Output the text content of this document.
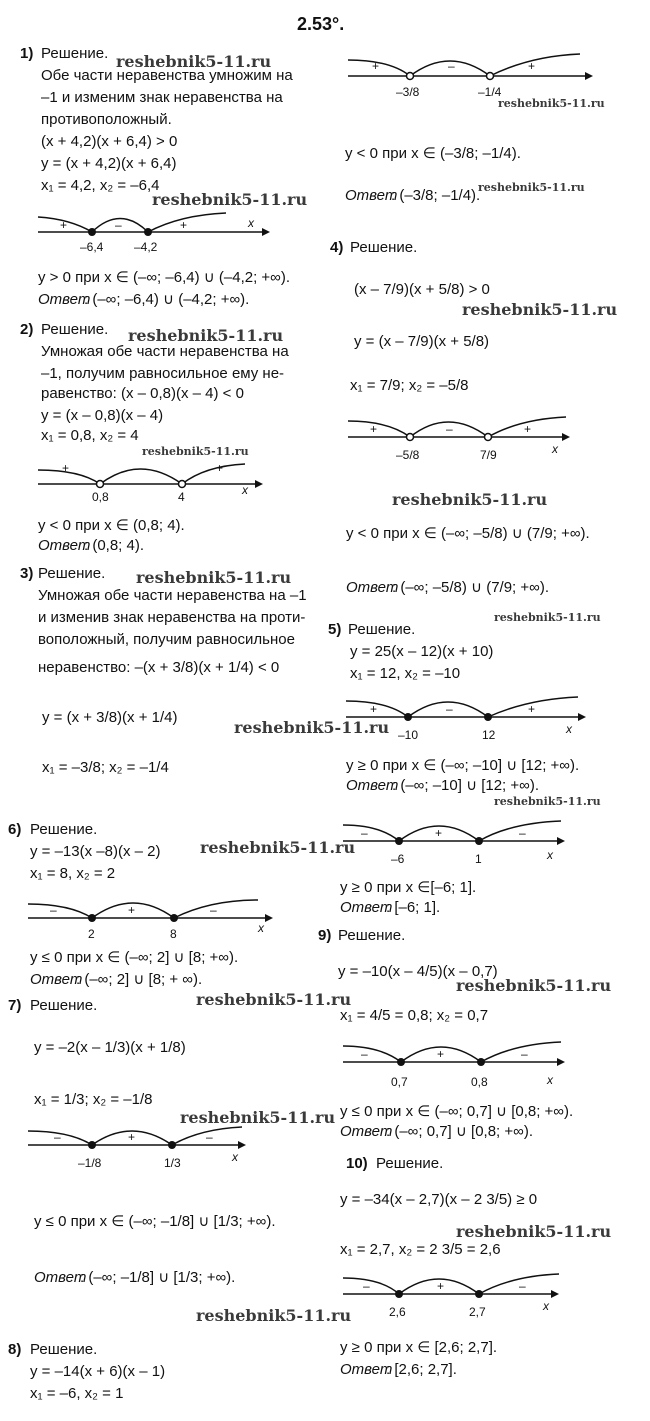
2.53°.
1) Решение.
Обе части неравенства умножим на
–1 и изменим знак неравенства на
противоположный.
(x + 4,2)(x + 6,4) > 0
y = (x + 4,2)(x + 6,4)
x₁ = 4,2, x₂ = –6,4
+	–	+
–6,4	–4,2
x
y > 0 при x ∈ (–∞; –6,4) ∪ (–4,2; +∞).
Ответ
: (–∞; –6,4) ∪ (–4,2; +∞).
2) Решение.
Умножая обе части неравенства на
–1, получим равносильное ему не-
равенство: (x – 0,8)(x – 4) < 0
y = (x – 0,8)(x – 4)
x₁ = 0,8, x₂ = 4
+	–	+
0,8	4	x
y < 0 при x ∈ (0,8; 4).
Ответ
: (0,8; 4).
3) Решение.
Умножая обе части неравенства на –1
и изменив знак неравенства на проти-
воположный, получим равносильное
неравенство: –(x + 3/8)(x + 1/4) < 0
y = (x + 3/8)(x + 1/4)
x₁ = –3/8; x₂ = –1/4
6) Решение.
y = –13(x –8)(x – 2)
x₁ = 8, x₂ = 2
–	+	–
2	8	x
y ≤ 0 при x ∈ (–∞; 2] ∪ [8; +∞).
Ответ
: (–∞; 2] ∪ [8; + ∞).
7) Решение.
y = –2(x – 1/3)(x + 1/8)
x₁ = 1/3; x₂ = –1/8
–	+	–
–1/8	1/3	x
y ≤ 0 при x ∈ (–∞; –1/8] ∪ [1/3; +∞).
Ответ
: (–∞; –1/8] ∪ [1/3; +∞).
8) Решение.
y = –14(x + 6)(x – 1)
x₁ = –6, x₂ = 1
+	–	+
–3/8	–1/4
y < 0 при x ∈ (–3/8; –1/4).
Ответ
: (–3/8; –1/4).
4) Решение.
(x – 7/9)(x + 5/8) > 0
y = (x – 7/9)(x + 5/8)
x₁ = 7/9; x₂ = –5/8
+	–	+
–5/8	7/9	x
y < 0 при x ∈ (–∞; –5/8) ∪ (7/9; +∞).
Ответ
: (–∞; –5/8) ∪ (7/9; +∞).
5) Решение.
y = 25(x – 12)(x + 10)
x₁ = 12, x₂ = –10
+	–	+
–10	12	x
y ≥ 0 при x ∈ (–∞; –10] ∪ [12; +∞).
Ответ
: (–∞; –10] ∪ [12; +∞).
–	+	–
–6	1	x
y ≥ 0 при x ∈[–6; 1].
Ответ
: [–6; 1].
9) Решение.
y = –10(x – 4/5)(x – 0,7)
x₁ = 4/5 = 0,8; x₂ = 0,7
–	+	–
0,7	0,8	x
y ≤ 0 при x ∈ (–∞; 0,7] ∪ [0,8; +∞).
Ответ
: (–∞; 0,7] ∪ [0,8; +∞).
10) Решение.
y = –34(x – 2,7)(x – 2 3/5) ≥ 0
x₁ = 2,7, x₂ = 2 3/5 = 2,6
–	+	–
2,6	2,7	x
y ≥ 0 при x ∈ [2,6; 2,7].
Ответ
: [2,6; 2,7].
reshebnik5-11.ru
reshebnik5-11.ru
reshebnik5-11.ru
reshebnik5-11.ru
reshebnik5-11.ru
reshebnik5-11.ru
reshebnik5-11.ru
reshebnik5-11.ru
reshebnik5-11.ru
reshebnik5-11.ru
reshebnik5-11.ru
reshebnik5-11.ru
reshebnik5-11.ru
reshebnik5-11.ru
reshebnik5-11.ru
reshebnik5-11.ru
reshebnik5-11.ru
reshebnik5-11.ru
